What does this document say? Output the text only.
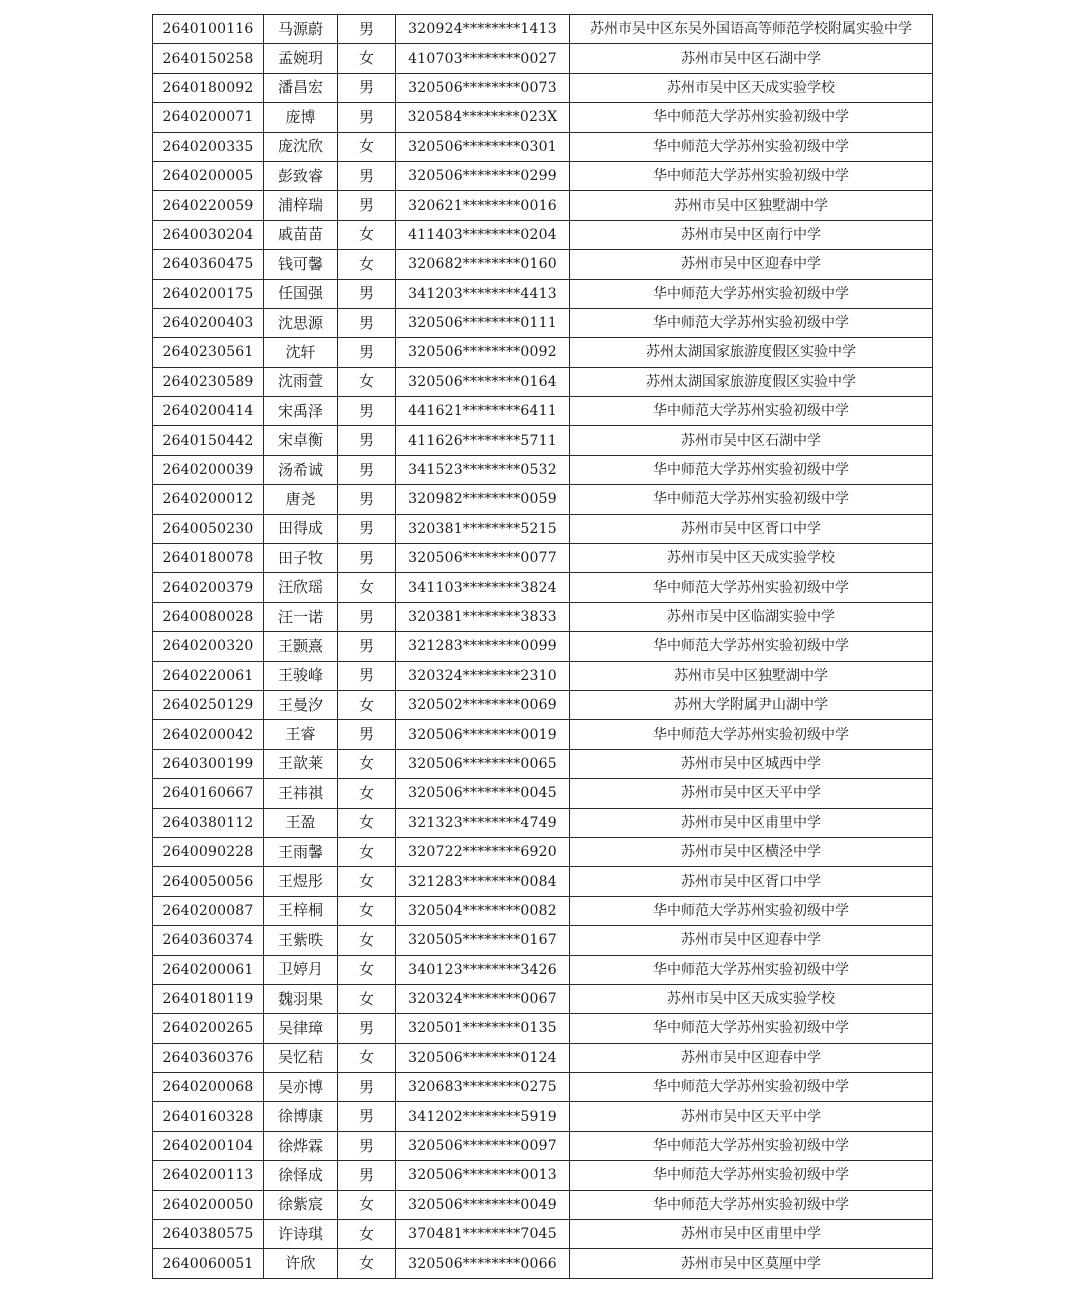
2640100116	马源蔚	男	320924********1413	苏州市吴中区东吴外国语高等师范学校附属实验中学
2640150258	孟婉玥	女	410703********0027	苏州市吴中区石湖中学
2640180092	潘昌宏	男	320506********0073	苏州市吴中区天成实验学校
2640200071	庞博	男	320584********023X	华中师范大学苏州实验初级中学
2640200335	庞沈欣	女	320506********0301	华中师范大学苏州实验初级中学
2640200005	彭致睿	男	320506********0299	华中师范大学苏州实验初级中学
2640220059	浦梓瑞	男	320621********0016	苏州市吴中区独墅湖中学
2640030204	戚苗苗	女	411403********0204	苏州市吴中区南行中学
2640360475	钱可馨	女	320682********0160	苏州市吴中区迎春中学
2640200175	任国强	男	341203********4413	华中师范大学苏州实验初级中学
2640200403	沈思源	男	320506********0111	华中师范大学苏州实验初级中学
2640230561	沈轩	男	320506********0092	苏州太湖国家旅游度假区实验中学
2640230589	沈雨萱	女	320506********0164	苏州太湖国家旅游度假区实验中学
2640200414	宋禹泽	男	441621********6411	华中师范大学苏州实验初级中学
2640150442	宋卓衡	男	411626********5711	苏州市吴中区石湖中学
2640200039	汤希诚	男	341523********0532	华中师范大学苏州实验初级中学
2640200012	唐尧	男	320982********0059	华中师范大学苏州实验初级中学
2640050230	田得成	男	320381********5215	苏州市吴中区胥口中学
2640180078	田子牧	男	320506********0077	苏州市吴中区天成实验学校
2640200379	汪欣瑶	女	341103********3824	华中师范大学苏州实验初级中学
2640080028	汪一诺	男	320381********3833	苏州市吴中区临湖实验中学
2640200320	王颢熹	男	321283********0099	华中师范大学苏州实验初级中学
2640220061	王骏峰	男	320324********2310	苏州市吴中区独墅湖中学
2640250129	王曼汐	女	320502********0069	苏州大学附属尹山湖中学
2640200042	王睿	男	320506********0019	华中师范大学苏州实验初级中学
2640300199	王歆莱	女	320506********0065	苏州市吴中区城西中学
2640160667	王祎祺	女	320506********0045	苏州市吴中区天平中学
2640380112	王盈	女	321323********4749	苏州市吴中区甫里中学
2640090228	王雨馨	女	320722********6920	苏州市吴中区横泾中学
2640050056	王煜彤	女	321283********0084	苏州市吴中区胥口中学
2640200087	王梓桐	女	320504********0082	华中师范大学苏州实验初级中学
2640360374	王紫昳	女	320505********0167	苏州市吴中区迎春中学
2640200061	卫婷月	女	340123********3426	华中师范大学苏州实验初级中学
2640180119	魏羽果	女	320324********0067	苏州市吴中区天成实验学校
2640200265	吴律璋	男	320501********0135	华中师范大学苏州实验初级中学
2640360376	吴忆秸	女	320506********0124	苏州市吴中区迎春中学
2640200068	吴亦博	男	320683********0275	华中师范大学苏州实验初级中学
2640160328	徐博康	男	341202********5919	苏州市吴中区天平中学
2640200104	徐烨霖	男	320506********0097	华中师范大学苏州实验初级中学
2640200113	徐怿成	男	320506********0013	华中师范大学苏州实验初级中学
2640200050	徐紫宸	女	320506********0049	华中师范大学苏州实验初级中学
2640380575	许诗琪	女	370481********7045	苏州市吴中区甫里中学
2640060051	许欣	女	320506********0066	苏州市吴中区莫厘中学
